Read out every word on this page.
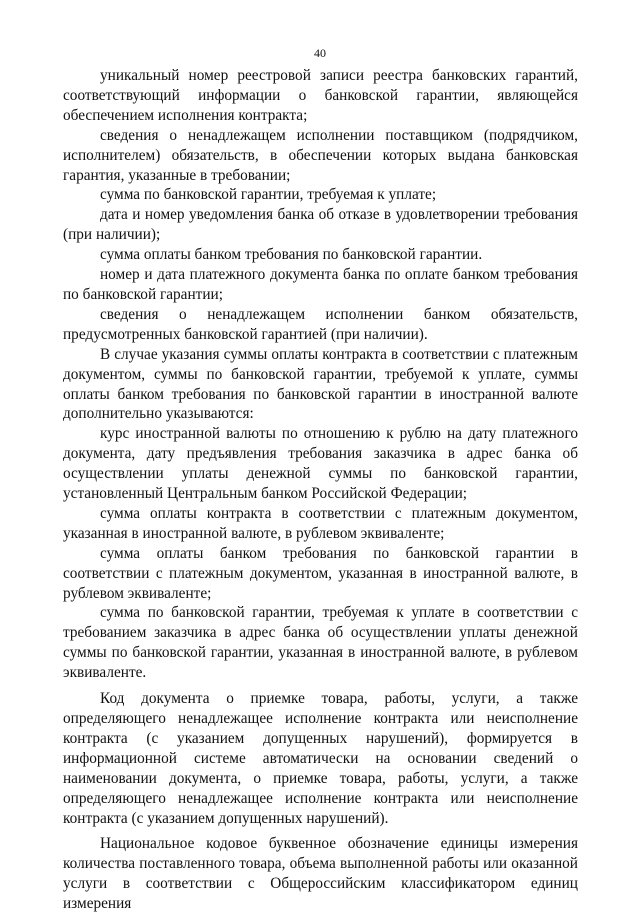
40

уникальный номер реестровой записи реестра банковских гарантий, соответствующий информации о банковской гарантии, являющейся обеспечением исполнения контракта;

сведения о ненадлежащем исполнении поставщиком (подрядчиком, исполнителем) обязательств, в обеспечении которых выдана банковская гарантия, указанные в требовании;

сумма по банковской гарантии, требуемая к уплате;

дата и номер уведомления банка об отказе в удовлетворении требования (при наличии);

сумма оплаты банком требования по банковской гарантии.

номер и дата платежного документа банка по оплате банком требования по банковской гарантии;

сведения о ненадлежащем исполнении банком обязательств, предусмотренных банковской гарантией (при наличии).

В случае указания суммы оплаты контракта в соответствии с платежным документом, суммы по банковской гарантии, требуемой к уплате, суммы оплаты банком требования по банковской гарантии в иностранной валюте дополнительно указываются:

курс иностранной валюты по отношению к рублю на дату платежного документа, дату предъявления требования заказчика в адрес банка об осуществлении уплаты денежной суммы по банковской гарантии, установленный Центральным банком Российской Федерации;

сумма оплаты контракта в соответствии с платежным документом, указанная в иностранной валюте, в рублевом эквиваленте;

сумма оплаты банком требования по банковской гарантии в соответствии с платежным документом, указанная в иностранной валюте, в рублевом эквиваленте;

сумма по банковской гарантии, требуемая к уплате в соответствии с требованием заказчика в адрес банка об осуществлении уплаты денежной суммы по банковской гарантии, указанная в иностранной валюте, в рублевом эквиваленте.

Код документа о приемке товара, работы, услуги, а также определяющего ненадлежащее исполнение контракта или неисполнение контракта (с указанием допущенных нарушений), формируется в информационной системе автоматически на основании сведений о наименовании документа, о приемке товара, работы, услуги, а также определяющего ненадлежащее исполнение контракта или неисполнение контракта (с указанием допущенных нарушений).

Национальное кодовое буквенное обозначение единицы измерения количества поставленного товара, объема выполненной работы или оказанной услуги в соответствии с Общероссийским классификатором единиц измерения
